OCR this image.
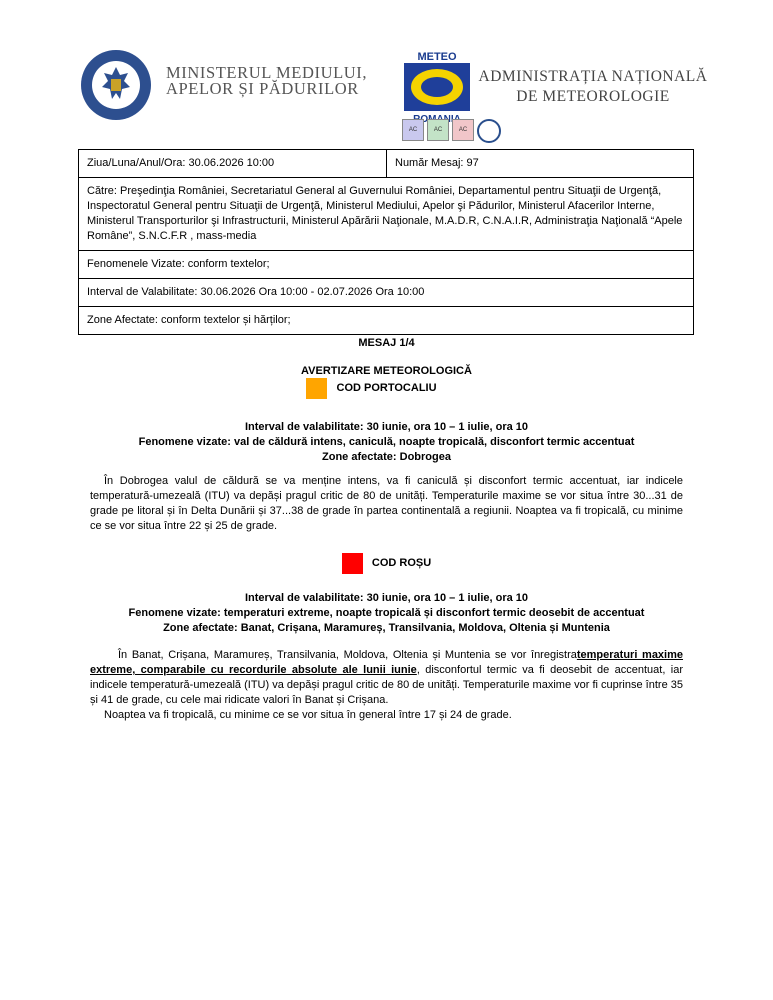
MINISTERUL MEDIULUI,
APELOR ȘI PĂDURILOR
METEO
AC	AC	AC
ADMINISTRAȚIA NAȚIONALĂ
DE METEOROLOGIE
Ziua/Luna/Anul/Ora: 30.06.2026 10:00	Număr Mesaj: 97
Către: Preşedinţia României, Secretariatul General al Guvernului României, Departamentul pentru Situaţii de Urgenţă, Inspectoratul General pentru Situaţii de Urgenţă, Ministerul Mediului, Apelor şi Pădurilor, Ministerul Afacerilor Interne, Ministerul Transporturilor şi Infrastructurii, Ministerul Apărării Naţionale, M.A.D.R, C.N.A.I.R, Administraţia Naţională “Apele Române”, S.N.C.F.R , mass-media
Fenomenele Vizate: conform textelor;
Interval de Valabilitate: 30.06.2026 Ora 10:00 - 02.07.2026 Ora 10:00
Zone Afectate: conform textelor și hărților;
MESAJ 1/4
AVERTIZARE METEOROLOGICĂ
COD PORTOCALIU
Interval de valabilitate: 30 iunie, ora 10 – 1 iulie, ora 10
Fenomene vizate: val de căldură intens, caniculă, noapte tropicală, disconfort termic accentuat
Zone afectate: Dobrogea
În Dobrogea valul de căldură se va menține intens, va fi caniculă și disconfort termic accentuat, iar indicele temperatură-umezeală (ITU) va depăși pragul critic de 80 de unități. Temperaturile maxime se vor situa între 30...31 de grade pe litoral și în Delta Dunării și 37...38 de grade în partea continentală a regiunii. Noaptea va fi tropicală, cu minime ce se vor situa între 22 și 25 de grade.
COD ROȘU
Interval de valabilitate: 30 iunie, ora 10 – 1 iulie, ora 10
Fenomene vizate: temperaturi extreme, noapte tropicală și disconfort termic deosebit de accentuat
Zone afectate: Banat, Crișana, Maramureș, Transilvania, Moldova, Oltenia și Muntenia
În Banat, Crișana, Maramureș, Transilvania, Moldova, Oltenia și Muntenia se vor înregistratemperaturi maxime extreme, comparabile cu recordurile absolute ale lunii iunie, disconfortul termic va fi deosebit de accentuat, iar indicele temperatură-umezeală (ITU) va depăși pragul critic de 80 de unități. Temperaturile maxime vor fi cuprinse între 35 și 41 de grade, cu cele mai ridicate valori în Banat și Crișana.
Noaptea va fi tropicală, cu minime ce se vor situa în general între 17 și 24 de grade.
